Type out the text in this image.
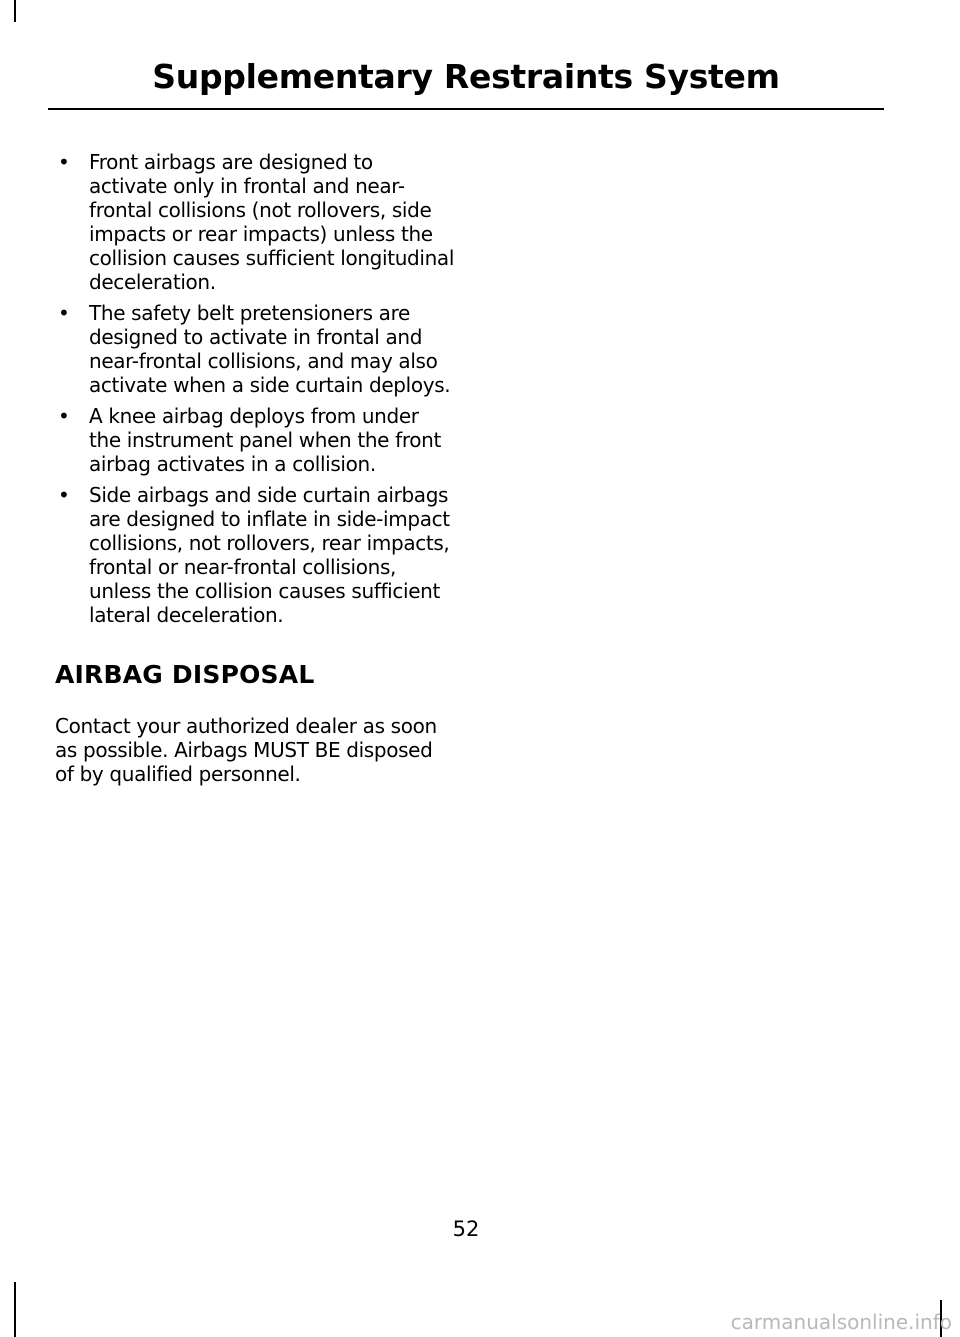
Supplementary Restraints System
• Front airbags are designed to activate only in frontal and near-frontal collisions (not rollovers, side impacts or rear impacts) unless the collision causes sufficient longitudinal deceleration.
• The safety belt pretensioners are designed to activate in frontal and near-frontal collisions, and may also activate when a side curtain deploys.
• A knee airbag deploys from under the instrument panel when the front airbag activates in a collision.
• Side airbags and side curtain airbags are designed to inflate in side-impact collisions, not rollovers, rear impacts, frontal or near-frontal collisions, unless the collision causes sufficient lateral deceleration.
AIRBAG DISPOSAL

Contact your authorized dealer as soon as possible. Airbags MUST BE disposed of by qualified personnel.

52
carmanualsonline.info
